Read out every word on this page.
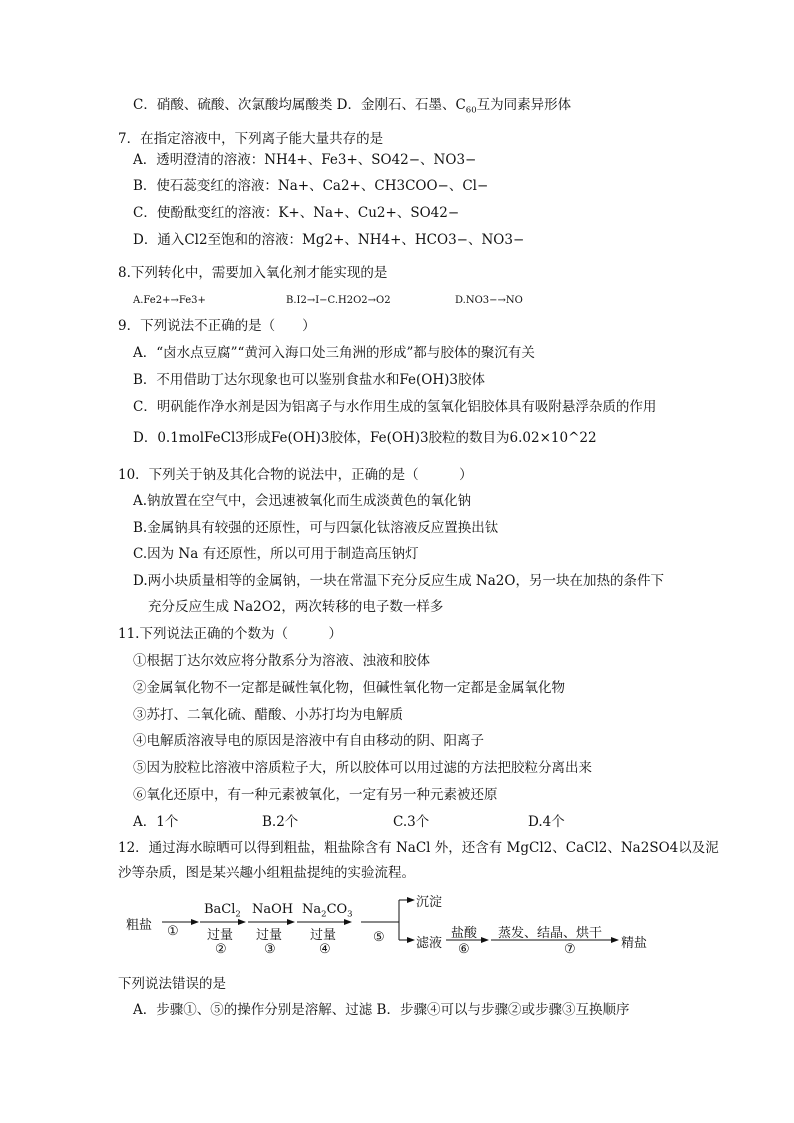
C．硝酸、硫酸、次氯酸均属酸类 D．金刚石、石墨、$C_{60}$互为同素异形体
7．在指定溶液中，下列离子能大量共存的是
A．透明澄清的溶液：NH4+、Fe3+、SO42−、NO3−
B．使石蕊变红的溶液：Na+、Ca2+、CH3COO−、Cl−
C．使酚酞变红的溶液：K+、Na+、Cu2+、SO42−
D．通入Cl2至饱和的溶液：Mg2+、NH4+、HCO3−、NO3−
8.下列转化中，需要加入氧化剂才能实现的是
A.Fe2+→Fe3+	B.I2→I−C.H2O2→O2	D.NO3−→NO
9．下列说法不正确的是（　　）
A．“卤水点豆腐”“黄河入海口处三角洲的形成”都与胶体的聚沉有关
B．不用借助丁达尔现象也可以鉴别食盐水和Fe(OH)3胶体
C．明矾能作净水剂是因为铝离子与水作用生成的氢氧化铝胶体具有吸附悬浮杂质的作用
D．0.1molFeCl3形成Fe(OH)3胶体，Fe(OH)3胶粒的数目为6.02×10^22
10．下列关于钠及其化合物的说法中，正确的是（　　　）
A.钠放置在空气中，会迅速被氧化而生成淡黄色的氧化钠
B.金属钠具有较强的还原性，可与四氯化钛溶液反应置换出钛
C.因为 Na 有还原性，所以可用于制造高压钠灯
D.两小块质量相等的金属钠，一块在常温下充分反应生成 Na2O，另一块在加热的条件下
充分反应生成 Na2O2，两次转移的电子数一样多
11.下列说法正确的个数为（　　　）
①根据丁达尔效应将分散系分为溶液、浊液和胶体
②金属氧化物不一定都是碱性氧化物，但碱性氧化物一定都是金属氧化物
③苏打、二氧化硫、醋酸、小苏打均为电解质
④电解质溶液导电的原因是溶液中有自由移动的阴、阳离子
⑤因为胶粒比溶液中溶质粒子大，所以胶体可以用过滤的方法把胶粒分离出来
⑥氧化还原中，有一种元素被氧化，一定有另一种元素被还原
A．1个	B.2个	C.3个	D.4个
12．通过海水晾晒可以得到粗盐，粗盐除含有 NaCl 外，还含有 MgCl2、CaCl2、Na2SO4以及泥
沙等杂质，图是某兴趣小组粗盐提纯的实验流程。
粗盐 ①
BaCl$_2$
过量
②
NaOH
过量
③
$Na_2CO_3$
过量
④
⑤
沉淀
滤液
盐酸
⑥
蒸发、结晶、烘干
⑦	精盐
下列说法错误的是
A．步骤①、⑤的操作分别是溶解、过滤 B．步骤④可以与步骤②或步骤③互换顺序
